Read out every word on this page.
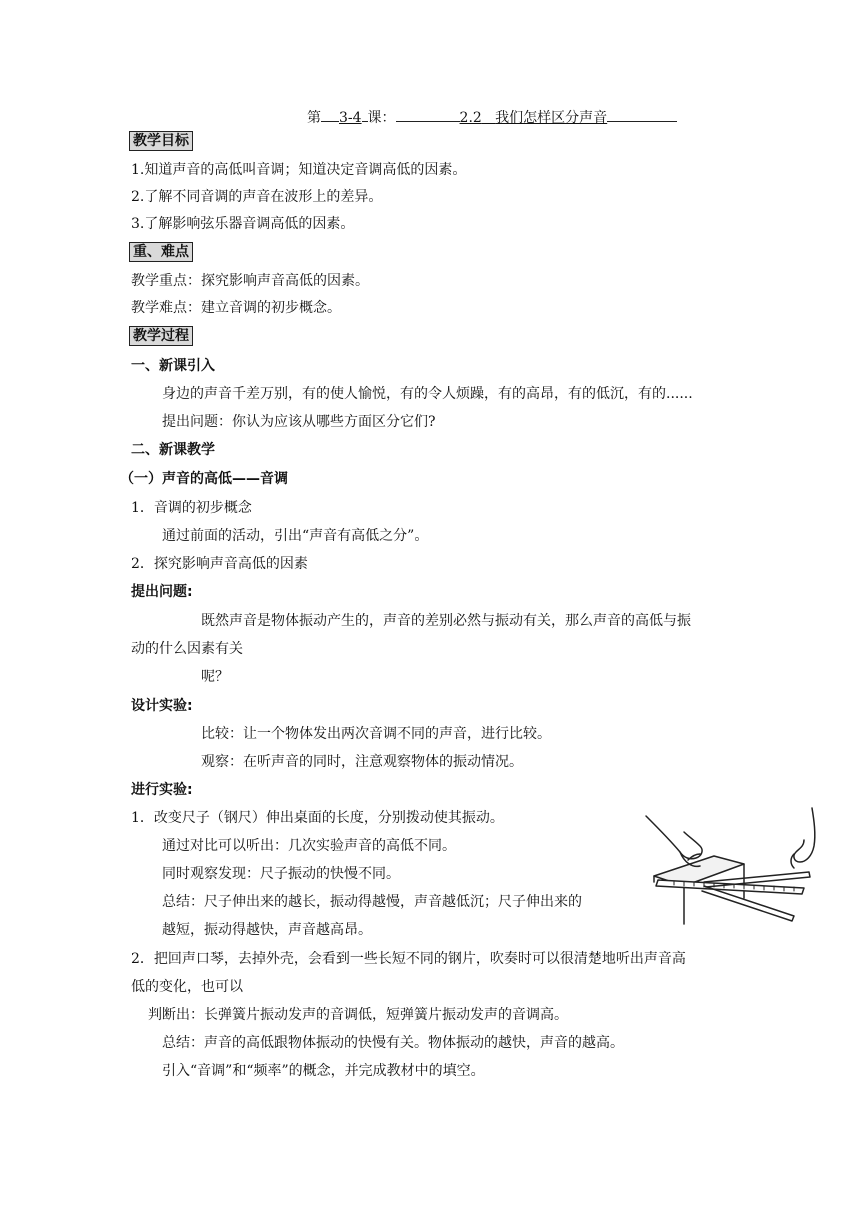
第 3-4 课：	2.2 我们怎样区分声音
教学目标
1.知道声音的高低叫音调；知道决定音调高低的因素。
2.了解不同音调的声音在波形上的差异。
3.了解影响弦乐器音调高低的因素。
重、难点
教学重点：探究影响声音高低的因素。
教学难点：建立音调的初步概念。
教学过程
一、新课引入
身边的声音千差万别，有的使人愉悦，有的令人烦躁，有的高昂，有的低沉，有的......
提出问题：你认为应该从哪些方面区分它们?
二、新课教学
（一）声音的高低——音调
1．音调的初步概念
通过前面的活动，引出“声音有高低之分”。
2．探究影响声音高低的因素
提出问题:
既然声音是物体振动产生的，声音的差别必然与振动有关，那么声音的高低与振
动的什么因素有关
呢？
设计实验:
比较：让一个物体发出两次音调不同的声音，进行比较。
观察：在听声音的同时，注意观察物体的振动情况。
进行实验:
1．改变尺子（钢尺）伸出桌面的长度，分别拨动使其振动。
通过对比可以听出：几次实验声音的高低不同。
同时观察发现：尺子振动的快慢不同。
总结：尺子伸出来的越长，振动得越慢，声音越低沉；尺子伸出来的
越短，振动得越快，声音越高昂。
2．把回声口琴，去掉外壳，会看到一些长短不同的钢片，吹奏时可以很清楚地听出声音高
低的变化，也可以
判断出：长弹簧片振动发声的音调低，短弹簧片振动发声的音调高。
总结：声音的高低跟物体振动的快慢有关。物体振动的越快，声音的越高。
引入“音调”和“频率”的概念，并完成教材中的填空。
